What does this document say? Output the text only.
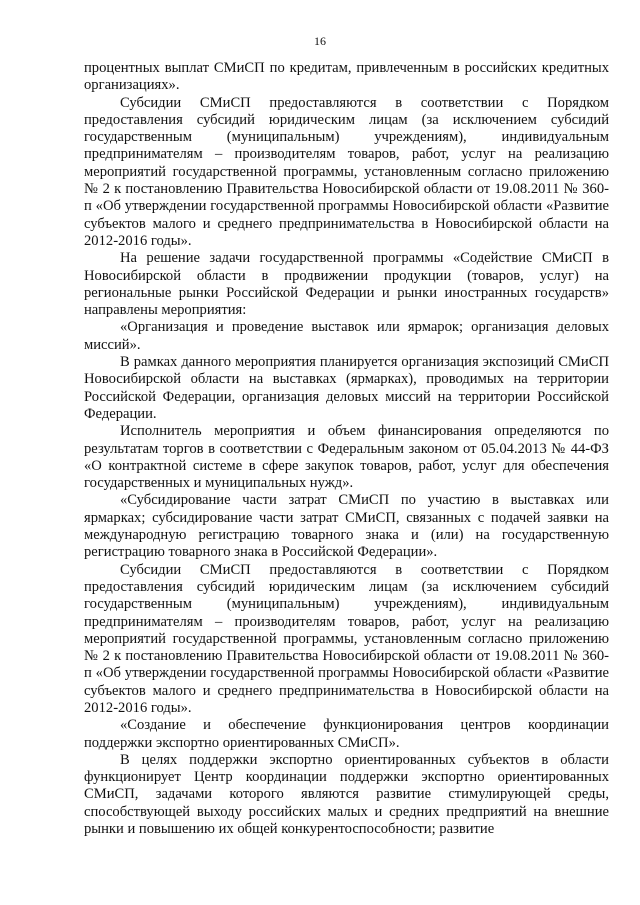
16

процентных выплат СМиСП по кредитам, привлеченным в российских кредитных организациях».

Субсидии СМиСП предоставляются в соответствии с Порядком предоставления субсидий юридическим лицам (за исключением субсидий государственным (муниципальным) учреждениям), индивидуальным предпринимателям – производителям товаров, работ, услуг на реализацию мероприятий государственной программы, установленным согласно приложению № 2 к постановлению Правительства Новосибирской области от 19.08.2011 № 360-п «Об утверждении государственной программы Новосибирской области «Развитие субъектов малого и среднего предпринимательства в Новосибирской области на 2012-2016 годы».

На решение задачи государственной программы «Содействие СМиСП в Новосибирской области в продвижении продукции (товаров, услуг) на региональные рынки Российской Федерации и рынки иностранных государств» направлены мероприятия:

«Организация и проведение выставок или ярмарок; организация деловых миссий».

В рамках данного мероприятия планируется организация экспозиций СМиСП Новосибирской области на выставках (ярмарках), проводимых на территории Российской Федерации, организация деловых миссий на территории Российской Федерации.

Исполнитель мероприятия и объем финансирования определяются по результатам торгов в соответствии с Федеральным законом от 05.04.2013 № 44-ФЗ «О контрактной системе в сфере закупок товаров, работ, услуг для обеспечения государственных и муниципальных нужд».

«Субсидирование части затрат СМиСП по участию в выставках или ярмарках; субсидирование части затрат СМиСП, связанных с подачей заявки на международную регистрацию товарного знака и (или) на государственную регистрацию товарного знака в Российской Федерации».

Субсидии СМиСП предоставляются в соответствии с Порядком предоставления субсидий юридическим лицам (за исключением субсидий государственным (муниципальным) учреждениям), индивидуальным предпринимателям – производителям товаров, работ, услуг на реализацию мероприятий государственной программы, установленным согласно приложению № 2 к постановлению Правительства Новосибирской области от 19.08.2011 № 360-п «Об утверждении государственной программы Новосибирской области «Развитие субъектов малого и среднего предпринимательства в Новосибирской области на 2012-2016 годы».

«Создание и обеспечение функционирования центров координации поддержки экспортно ориентированных СМиСП».

В целях поддержки экспортно ориентированных субъектов в области функционирует Центр координации поддержки экспортно ориентированных СМиСП, задачами которого являются развитие стимулирующей среды, способствующей выходу российских малых и средних предприятий на внешние рынки и повышению их общей конкурентоспособности; развитие
